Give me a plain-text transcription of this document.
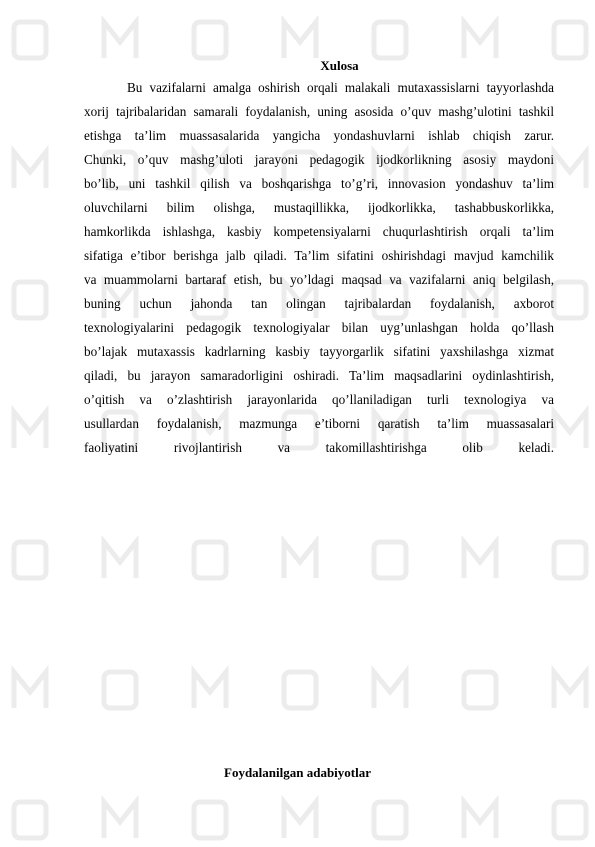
Xulosa
Bu vazifalarni amalga oshirish orqali malakali mutaxassislarni tayyorlashda
xorij tajribalaridan samarali foydalanish, uning asosida o’quv mashg’ulotini tashkil
etishga ta’lim muassasalarida yangicha yondashuvlarni ishlab chiqish zarur.
Chunki, o’quv mashg’uloti jarayoni pedagogik ijodkorlikning asosiy maydoni
bo’lib, uni tashkil qilish va boshqarishga to’g’ri, innovasion yondashuv ta’lim
oluvchilarni bilim olishga, mustaqillikka, ijodkorlikka, tashabbuskorlikka,
hamkorlikda ishlashga, kasbiy kompetensiyalarni chuqurlashtirish orqali ta’lim
sifatiga e’tibor berishga jalb qiladi. Ta’lim sifatini oshirishdagi mavjud kamchilik
va muammolarni bartaraf etish, bu yo’ldagi maqsad va vazifalarni aniq belgilash,
buning uchun jahonda tan olingan tajribalardan foydalanish, axborot
texnologiyalarini pedagogik texnologiyalar bilan uyg’unlashgan holda qo’llash
bo’lajak mutaxassis kadrlarning kasbiy tayyorgarlik sifatini yaxshilashga xizmat
qiladi, bu jarayon samaradorligini oshiradi. Ta’lim maqsadlarini oydinlashtirish,
o’qitish va o’zlashtirish jarayonlarida qo’llaniladigan turli texnologiya va
usullardan foydalanish, mazmunga e’tiborni qaratish ta’lim muassasalari
faoliyatini rivojlantirish va takomillashtirishga olib keladi.
Foydalanilgan adabiyotlar
